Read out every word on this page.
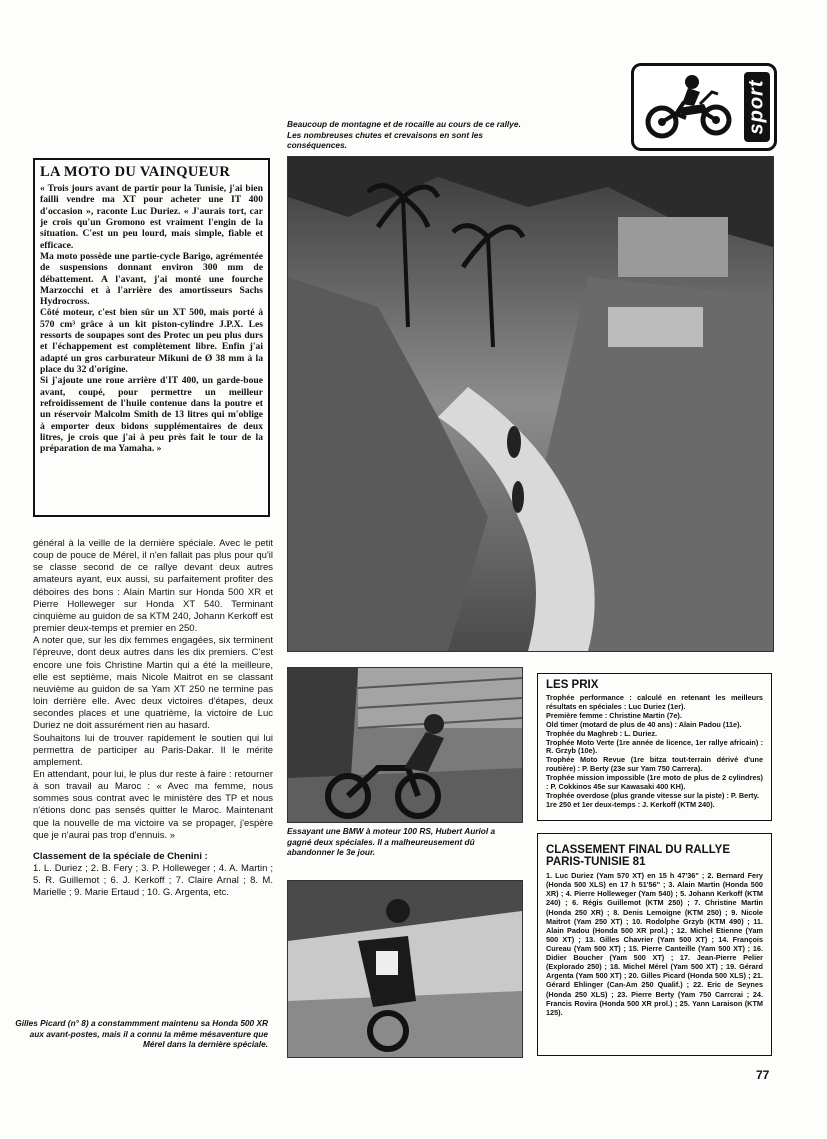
sport
Beaucoup de montagne et de rocaille au cours de ce rallye. Les nombreuses chutes et crevaisons en sont les conséquences.
LA MOTO DU VAINQUEUR

« Trois jours avant de partir pour la Tunisie, j'ai bien failli vendre ma XT pour acheter une IT 400 d'occasion », raconte Luc Duriez. « J'aurais tort, car je crois qu'un Gromono est vraiment l'engin de la situation. C'est un peu lourd, mais simple, fiable et efficace.

Ma moto possède une partie-cycle Barigo, agrémentée de suspensions donnant environ 300 mm de débattement. A l'avant, j'ai monté une fourche Marzocchi et à l'arrière des amortisseurs Sachs Hydrocross.

Côté moteur, c'est bien sûr un XT 500, mais porté à 570 cm³ grâce à un kit piston-cylindre J.P.X. Les ressorts de soupapes sont des Protec un peu plus durs et l'échappement est complètement libre. Enfin j'ai adapté un gros carburateur Mikuni de Ø 38 mm à la place du 32 d'origine.

Si j'ajoute une roue arrière d'IT 400, un garde-boue avant, coupé, pour permettre un meilleur refroidissement de l'huile contenue dans la poutre et un réservoir Malcolm Smith de 13 litres qui m'oblige à emporter deux bidons supplémentaires de deux litres, je crois que j'ai à peu près fait le tour de la préparation de ma Yamaha. »

général à la veille de la dernière spéciale. Avec le petit coup de pouce de Mérel, il n'en fallait pas plus pour qu'il se classe second de ce rallye devant deux autres amateurs ayant, eux aussi, su parfaitement profiter des déboires des bons : Alain Martin sur Honda 500 XR et Pierre Holleweger sur Honda XT 540. Terminant cinquième au guidon de sa KTM 240, Johann Kerkoff est premier deux-temps et premier en 250.

A noter que, sur les dix femmes engagées, six terminent l'épreuve, dont deux autres dans les dix premiers. C'est encore une fois Christine Martin qui a été la meilleure, elle est septième, mais Nicole Maitrot en se classant neuvième au guidon de sa Yam XT 250 ne termine pas loin derrière elle. Avec deux victoires d'étapes, deux secondes places et une quatrième, la victoire de Luc Duriez ne doit assurément rien au hasard.

Souhaitons lui de trouver rapidement le soutien qui lui permettra de participer au Paris-Dakar. Il le mérite amplement.

En attendant, pour lui, le plus dur reste à faire : retourner à son travail au Maroc : « Avec ma femme, nous sommes sous contrat avec le ministère des TP et nous n'étions donc pas sensés quitter le Maroc. Maintenant que la nouvelle de ma victoire va se propager, j'espère que je n'aurai pas trop d'ennuis. »

Classement de la spéciale de Chenini :

1. L. Duriez ; 2. B. Fery ; 3. P. Holleweger ; 4. A. Martin ; 5. R. Guillemot ; 6. J. Kerkoff ; 7. Claire Arnal ; 8. M. Marielle ; 9. Marie Ertaud ; 10. G. Argenta, etc.

Gilles Picard (n° 8) a constammment maintenu sa Honda 500 XR aux avant-postes, mais il a connu la même mésaventure que Mérel dans la dernière spéciale.
Essayant une BMW à moteur 100 RS, Hubert Auriol a gagné deux spéciales. Il a malheureusement dû abandonner le 3e jour.
LES PRIX
Trophée performance : calculé en retenant les meilleurs résultats en spéciales : Luc Duriez (1er).
Première femme : Christine Martin (7e).
Old timer (motard de plus de 40 ans) : Alain Padou (11e).
Trophée du Maghreb : L. Duriez.
Trophée Moto Verte (1re année de licence, 1er rallye africain) : R. Grzyb (10e).
Trophée Moto Revue (1re bitza tout-terrain dérivé d'une routière) : P. Berty (23e sur Yam 750 Carrera).
Trophée mission impossible (1re moto de plus de 2 cylindres) : P. Cokkinos 45e sur Kawasaki 400 KH).
Trophée overdose (plus grande vitesse sur la piste) : P. Berty.
1re 250 et 1er deux-temps : J. Kerkoff (KTM 240).
CLASSEMENT FINAL DU RALLYE PARIS-TUNISIE 81

1. Luc Duriez (Yam 570 XT) en 15 h 47'36" ; 2. Bernard Fery (Honda 500 XLS) en 17 h 51'56" ; 3. Alain Martin (Honda 500 XR) ; 4. Pierre Holleweger (Yam 540) ; 5. Johann Kerkoff (KTM 240) ; 6. Régis Guillemot (KTM 250) ; 7. Christine Martin (Honda 250 XR) ; 8. Denis Lemoigne (KTM 250) ; 9. Nicole Maitrot (Yam 250 XT) ; 10. Rodolphe Grzyb (KTM 490) ; 11. Alain Padou (Honda 500 XR prol.) ; 12. Michel Etienne (Yam 500 XT) ; 13. Gilles Chavrier (Yam 500 XT) ; 14. François Cureau (Yam 500 XT) ; 15. Pierre Canteille (Yam 500 XT) ; 16. Didier Boucher (Yam 500 XT) ; 17. Jean-Pierre Pelier (Explorado 250) ; 18. Michel Mérel (Yam 500 XT) ; 19. Gérard Argenta (Yam 500 XT) ; 20. Gilles Picard (Honda 500 XLS) ; 21. Gérard Ehlinger (Can-Am 250 Qualif.) ; 22. Eric de Seynes (Honda 250 XLS) ; 23. Pierre Berty (Yam 750 Carrcrai ; 24. Francis Rovira (Honda 500 XR prol.) ; 25. Yann Laraison (KTM 125).

77
